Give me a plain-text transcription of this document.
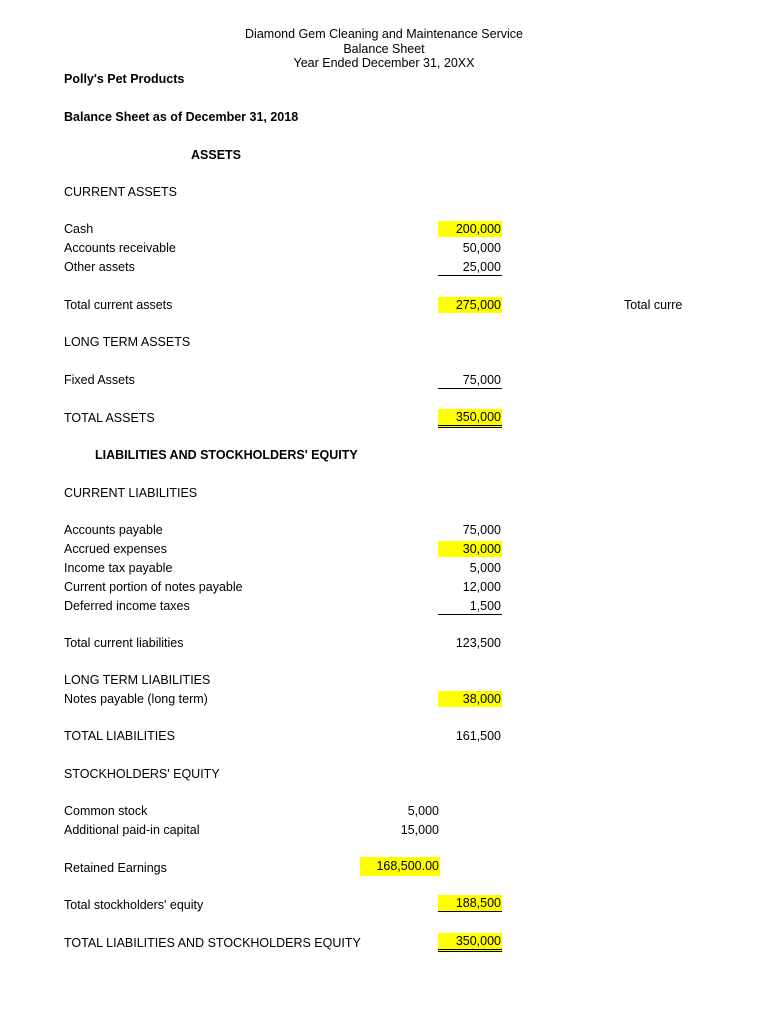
Diamond Gem Cleaning and Maintenance Service
Balance Sheet
Year Ended December 31, 20XX
Polly's Pet Products
Balance Sheet as of December 31, 2018
ASSETS
CURRENT ASSETS
Cash	200,000
Accounts receivable	50,000
Other assets	25,000
Total current assets	275,000	Total curre
LONG TERM ASSETS
Fixed Assets	75,000
TOTAL ASSETS	350,000
LIABILITIES AND STOCKHOLDERS' EQUITY
CURRENT LIABILITIES
Accounts payable	75,000
Accrued expenses	30,000
Income tax payable	5,000
Current portion of notes payable	12,000
Deferred income taxes	1,500
Total current liabilities	123,500
LONG TERM LIABILITIES
Notes payable (long term)	38,000
TOTAL LIABILITIES	161,500
STOCKHOLDERS' EQUITY
Common stock	5,000
Additional paid-in capital	15,000
Retained Earnings	168,500.00
Total stockholders' equity	188,500
TOTAL LIABILITIES AND STOCKHOLDERS EQUITY	350,000
